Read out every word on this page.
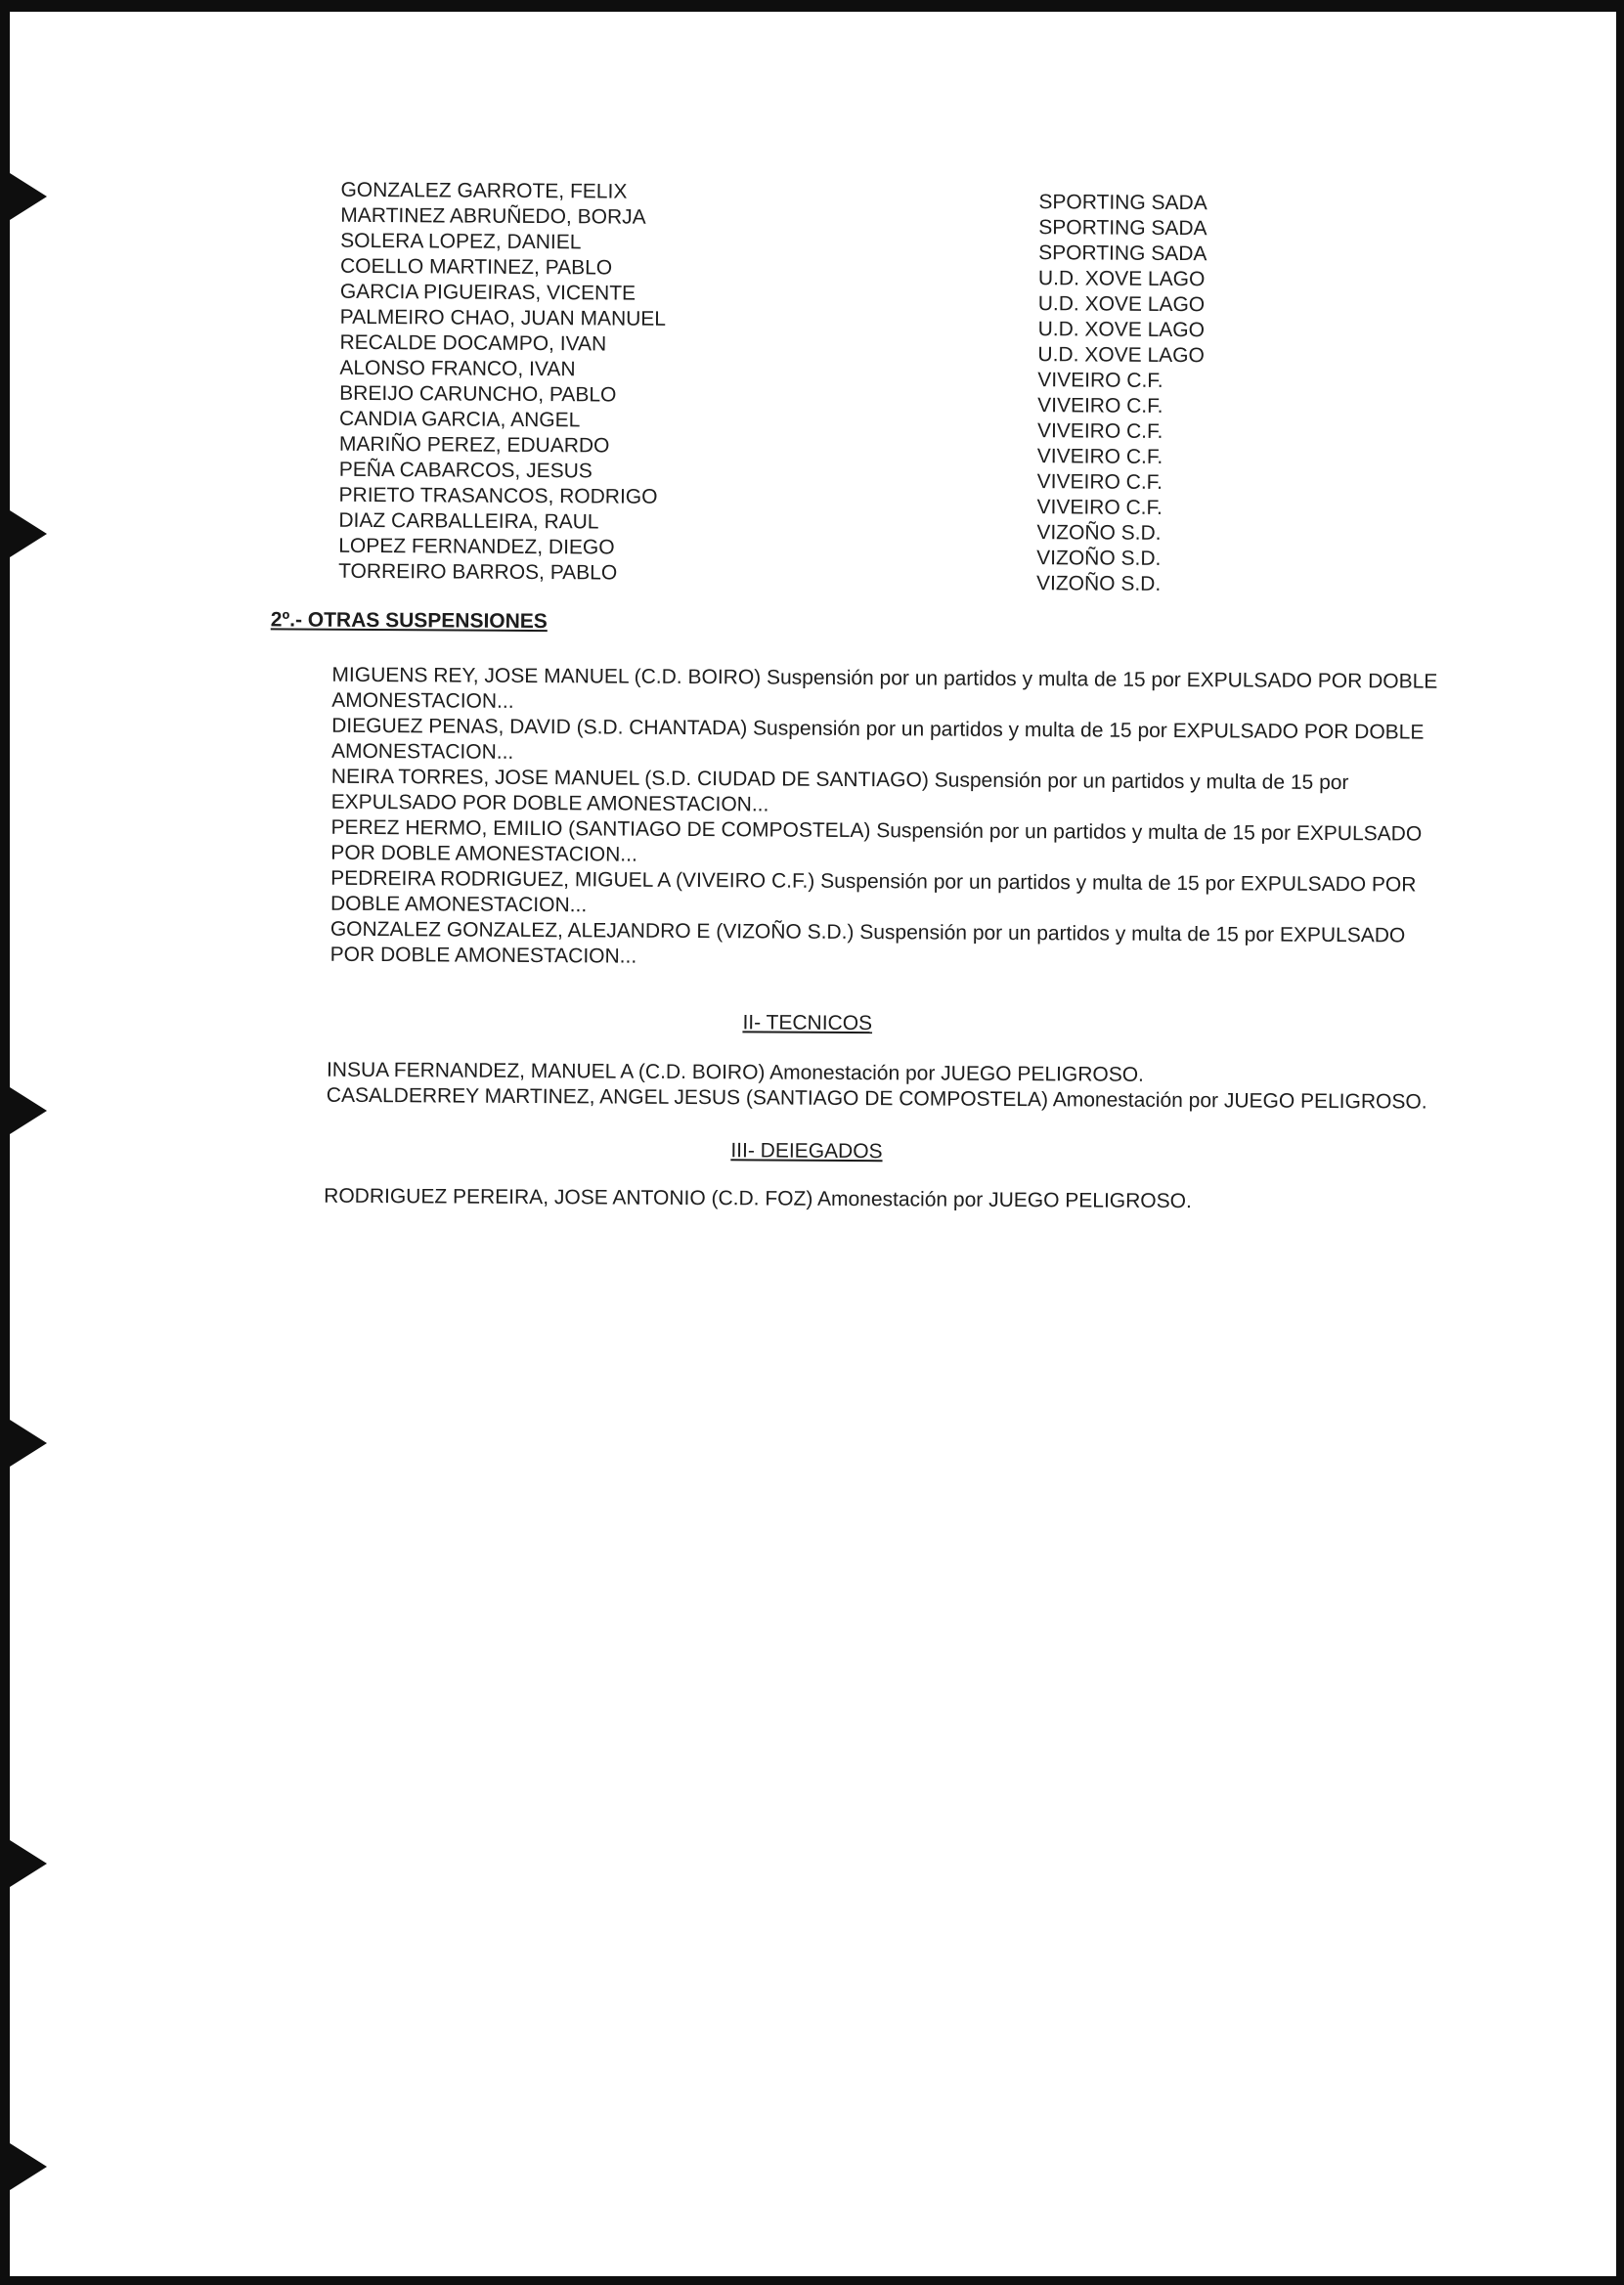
GONZALEZ GARROTE, FELIX	SPORTING SADA
MARTINEZ ABRUÑEDO, BORJA	SPORTING SADA
SOLERA LOPEZ, DANIEL	SPORTING SADA
COELLO MARTINEZ, PABLO	U.D. XOVE LAGO
GARCIA PIGUEIRAS, VICENTE	U.D. XOVE LAGO
PALMEIRO CHAO, JUAN MANUEL	U.D. XOVE LAGO
RECALDE DOCAMPO, IVAN	U.D. XOVE LAGO
ALONSO FRANCO, IVAN	VIVEIRO C.F.
BREIJO CARUNCHO, PABLO	VIVEIRO C.F.
CANDIA GARCIA, ANGEL	VIVEIRO C.F.
MARIÑO PEREZ, EDUARDO	VIVEIRO C.F.
PEÑA CABARCOS, JESUS	VIVEIRO C.F.
PRIETO TRASANCOS, RODRIGO	VIVEIRO C.F.
DIAZ CARBALLEIRA, RAUL	VIZOÑO S.D.
LOPEZ FERNANDEZ, DIEGO	VIZOÑO S.D.
TORREIRO BARROS, PABLO	VIZOÑO S.D.
2º.- OTRAS SUSPENSIONES
MIGUENS REY, JOSE MANUEL (C.D. BOIRO) Suspensión por un partidos y multa de 15 por EXPULSADO POR DOBLE
AMONESTACION...
DIEGUEZ PENAS, DAVID (S.D. CHANTADA) Suspensión por un partidos y multa de 15 por EXPULSADO POR DOBLE
AMONESTACION...
NEIRA TORRES, JOSE MANUEL (S.D. CIUDAD DE SANTIAGO) Suspensión por un partidos y multa de 15 por
EXPULSADO POR DOBLE AMONESTACION...
PEREZ HERMO, EMILIO (SANTIAGO DE COMPOSTELA) Suspensión por un partidos y multa de 15 por EXPULSADO
POR DOBLE AMONESTACION...
PEDREIRA RODRIGUEZ, MIGUEL A (VIVEIRO C.F.) Suspensión por un partidos y multa de 15 por EXPULSADO POR
DOBLE AMONESTACION...
GONZALEZ GONZALEZ, ALEJANDRO E (VIZOÑO S.D.) Suspensión por un partidos y multa de 15 por EXPULSADO
POR DOBLE AMONESTACION...
II- TECNICOS
INSUA FERNANDEZ, MANUEL A (C.D. BOIRO) Amonestación por JUEGO PELIGROSO.
CASALDERREY MARTINEZ, ANGEL JESUS (SANTIAGO DE COMPOSTELA) Amonestación por JUEGO PELIGROSO.
III- DEIEGADOS
RODRIGUEZ PEREIRA, JOSE ANTONIO (C.D. FOZ) Amonestación por JUEGO PELIGROSO.
